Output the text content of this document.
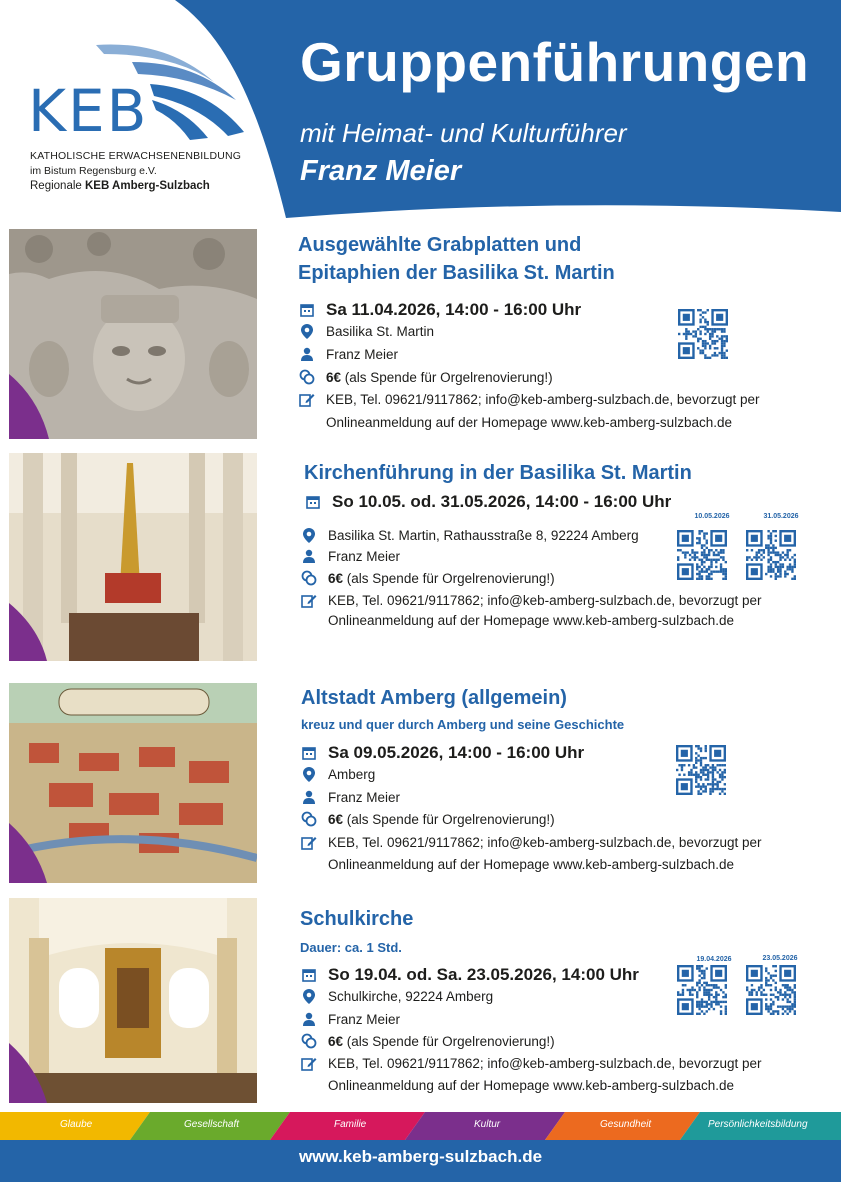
KEB
KATHOLISCHE ERWACHSENENBILDUNG
im Bistum Regensburg e.V.
Regionale KEB Amberg-Sulzbach
Gruppenführungen
mit Heimat- und Kulturführer
Franz Meier
Ausgewählte Grabplatten und
Epitaphien der Basilika St. Martin
Sa 11.04.2026, 14:00 - 16:00 Uhr
Basilika St. Martin
Franz Meier
6€ (als Spende für Orgelrenovierung!)
KEB, Tel. 09621/9117862; info@keb-amberg-sulzbach.de, bevorzugt per
Onlineanmeldung auf der Homepage www.keb-amberg-sulzbach.de
Kirchenführung in der Basilika St. Martin
So 10.05. od. 31.05.2026, 14:00 - 16:00 Uhr
Basilika St. Martin, Rathausstraße 8, 92224 Amberg
Franz Meier
6€ (als Spende für Orgelrenovierung!)
KEB, Tel. 09621/9117862; info@keb-amberg-sulzbach.de, bevorzugt per
Onlineanmeldung auf der Homepage www.keb-amberg-sulzbach.de
10.05.2026	31.05.2026
Altstadt Amberg (allgemein)
kreuz und quer durch Amberg und seine Geschichte
Sa 09.05.2026, 14:00 - 16:00 Uhr
Amberg
Franz Meier
6€ (als Spende für Orgelrenovierung!)
KEB, Tel. 09621/9117862; info@keb-amberg-sulzbach.de, bevorzugt per
Onlineanmeldung auf der Homepage www.keb-amberg-sulzbach.de
Schulkirche
Dauer: ca. 1 Std.
So 19.04. od. Sa. 23.05.2026, 14:00 Uhr
Schulkirche, 92224 Amberg
Franz Meier
6€ (als Spende für Orgelrenovierung!)
KEB, Tel. 09621/9117862; info@keb-amberg-sulzbach.de, bevorzugt per
Onlineanmeldung auf der Homepage www.keb-amberg-sulzbach.de
19.04.2026	23.05.2026
Glaube	Gesellschaft	Familie	Kultur	Gesundheit	Persönlichkeitsbildung
www.keb-amberg-sulzbach.de
